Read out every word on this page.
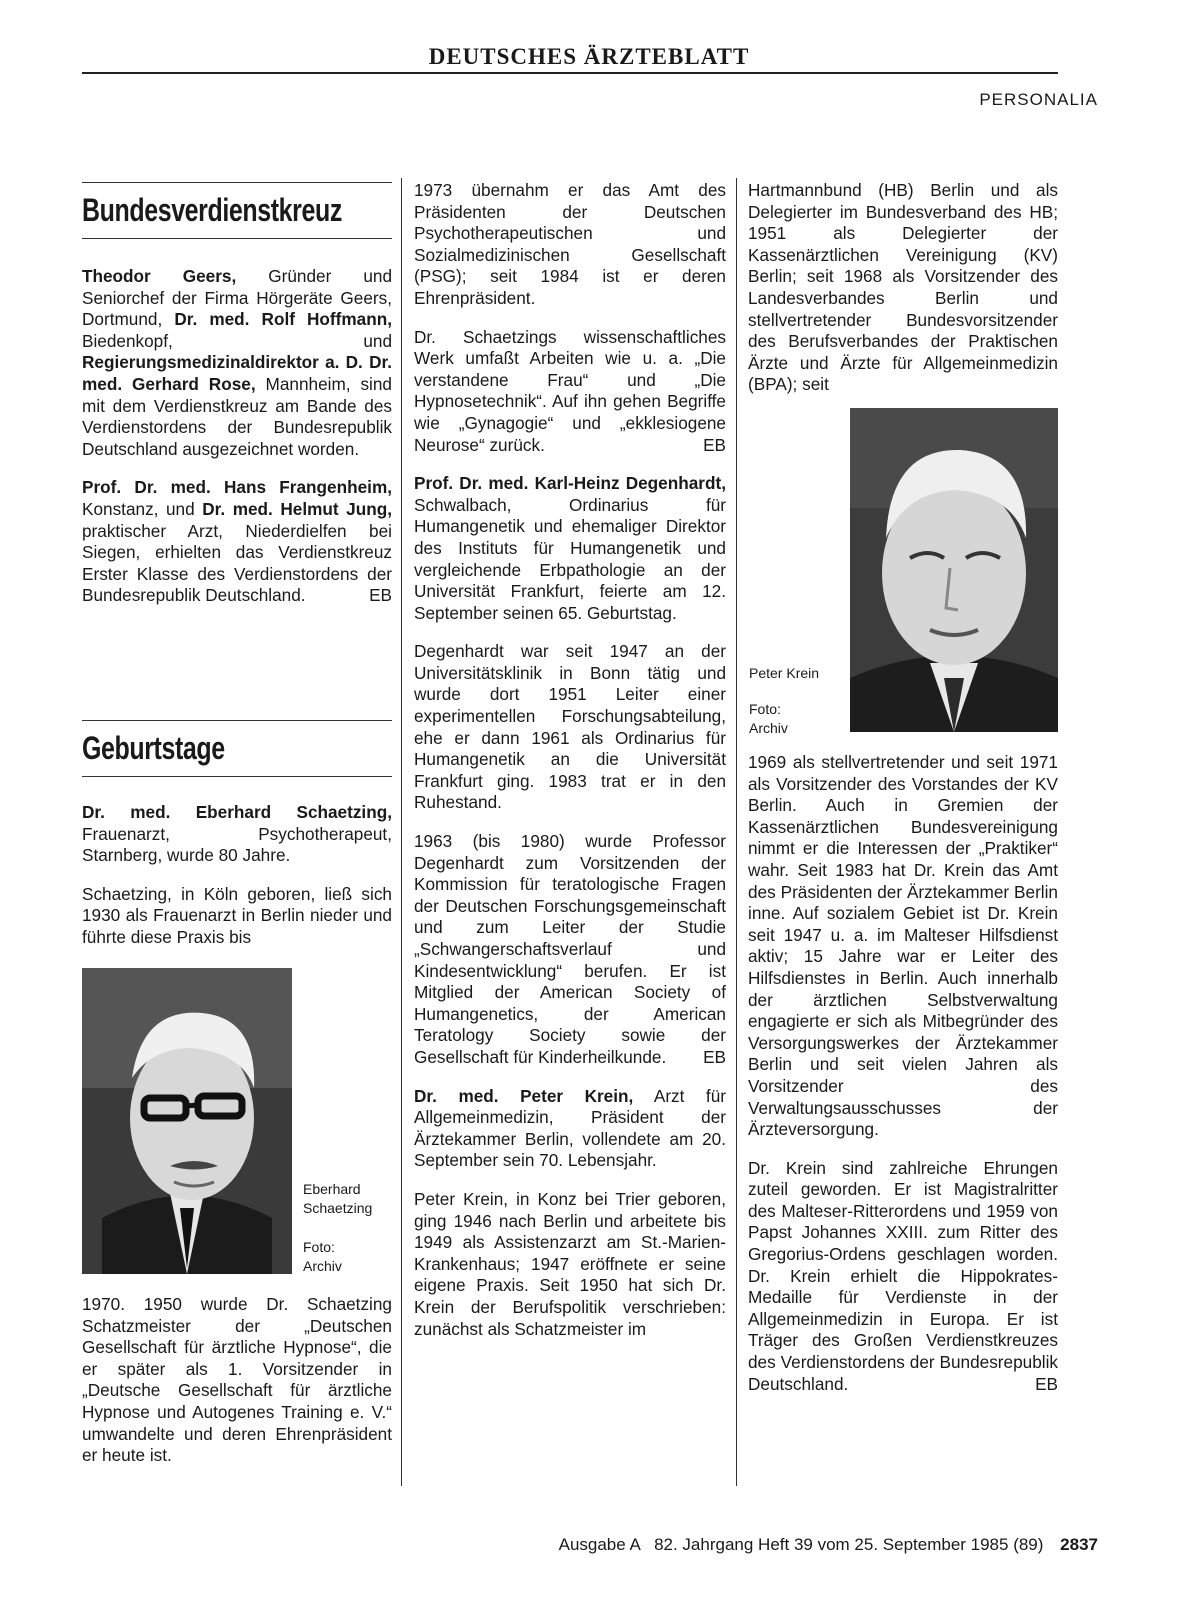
DEUTSCHES ÄRZTEBLATT
PERSONALIA
Bundesverdienstkreuz

Theodor Geers, Gründer und Seniorchef der Firma Hörgeräte Geers, Dortmund, Dr. med. Rolf Hoffmann, Biedenkopf, und Regierungsmedizinaldirektor a. D. Dr. med. Gerhard Rose, Mannheim, sind mit dem Verdienstkreuz am Bande des Verdienstordens der Bundesrepublik Deutschland ausgezeichnet worden.

Prof. Dr. med. Hans Frangenheim, Konstanz, und Dr. med. Helmut Jung, praktischer Arzt, Niederdielfen bei Siegen, erhielten das Verdienstkreuz Erster Klasse des Verdienstordens der Bundesrepublik Deutschland.	EB

Geburtstage

Dr. med. Eberhard Schaetzing, Frauenarzt, Psychotherapeut, Starnberg, wurde 80 Jahre.

Schaetzing, in Köln geboren, ließ sich 1930 als Frauenarzt in Berlin nieder und führte diese Praxis bis

Eberhard Schaetzing
Foto: Archiv

1970. 1950 wurde Dr. Schaetzing Schatzmeister der „Deutschen Gesellschaft für ärztliche Hypnose“, die er später als 1. Vorsitzender in „Deutsche Gesellschaft für ärztliche Hypnose und Autogenes Training e. V.“ umwandelte und deren Ehrenpräsident er heute ist.

1973 übernahm er das Amt des Präsidenten der Deutschen Psychotherapeutischen und Sozialmedizinischen Gesellschaft (PSG); seit 1984 ist er deren Ehrenpräsident.

Dr. Schaetzings wissenschaftliches Werk umfaßt Arbeiten wie u. a. „Die verstandene Frau“ und „Die Hypnosetechnik“. Auf ihn gehen Begriffe wie „Gynagogie“ und „ekklesiogene Neurose“ zurück.	EB

Prof. Dr. med. Karl-Heinz Degenhardt, Schwalbach, Ordinarius für Humangenetik und ehemaliger Direktor des Instituts für Humangenetik und vergleichende Erbpathologie an der Universität Frankfurt, feierte am 12. September seinen 65. Geburtstag.

Degenhardt war seit 1947 an der Universitätsklinik in Bonn tätig und wurde dort 1951 Leiter einer experimentellen Forschungsabteilung, ehe er dann 1961 als Ordinarius für Humangenetik an die Universität Frankfurt ging. 1983 trat er in den Ruhestand.

1963 (bis 1980) wurde Professor Degenhardt zum Vorsitzenden der Kommission für teratologische Fragen der Deutschen Forschungsgemeinschaft und zum Leiter der Studie „Schwangerschaftsverlauf und Kindesentwicklung“ berufen. Er ist Mitglied der American Society of Humangenetics, der American Teratology Society sowie der Gesellschaft für Kinderheilkunde. EB

Dr. med. Peter Krein, Arzt für Allgemeinmedizin, Präsident der Ärztekammer Berlin, vollendete am 20. September sein 70. Lebensjahr.

Peter Krein, in Konz bei Trier geboren, ging 1946 nach Berlin und arbeitete bis 1949 als Assistenzarzt am St.-Marien-Krankenhaus; 1947 eröffnete er seine eigene Praxis. Seit 1950 hat sich Dr. Krein der Berufspolitik verschrieben: zunächst als Schatzmeister im

Hartmannbund (HB) Berlin und als Delegierter im Bundesverband des HB; 1951 als Delegierter der Kassenärztlichen Vereinigung (KV) Berlin; seit 1968 als Vorsitzender des Landesverbandes Berlin und stellvertretender Bundesvorsitzender des Berufsverbandes der Praktischen Ärzte und Ärzte für Allgemeinmedizin (BPA); seit

Peter Krein
Foto: Archiv

1969 als stellvertretender und seit 1971 als Vorsitzender des Vorstandes der KV Berlin. Auch in Gremien der Kassenärztlichen Bundesvereinigung nimmt er die Interessen der „Praktiker“ wahr. Seit 1983 hat Dr. Krein das Amt des Präsidenten der Ärztekammer Berlin inne. Auf sozialem Gebiet ist Dr. Krein seit 1947 u. a. im Malteser Hilfsdienst aktiv; 15 Jahre war er Leiter des Hilfsdienstes in Berlin. Auch innerhalb der ärztlichen Selbstverwaltung engagierte er sich als Mitbegründer des Versorgungswerkes der Ärztekammer Berlin und seit vielen Jahren als Vorsitzender des Verwaltungsausschusses der Ärzteversorgung.

Dr. Krein sind zahlreiche Ehrungen zuteil geworden. Er ist Magistralritter des Malteser-Ritterordens und 1959 von Papst Johannes XXIII. zum Ritter des Gregorius-Ordens geschlagen worden. Dr. Krein erhielt die Hippokrates-Medaille für Verdienste in der Allgemeinmedizin in Europa. Er ist Träger des Großen Verdienstkreuzes des Verdienstordens der Bundesrepublik Deutschland.	EB

Ausgabe A   82. Jahrgang Heft 39 vom 25. September 1985 (89) 2837
